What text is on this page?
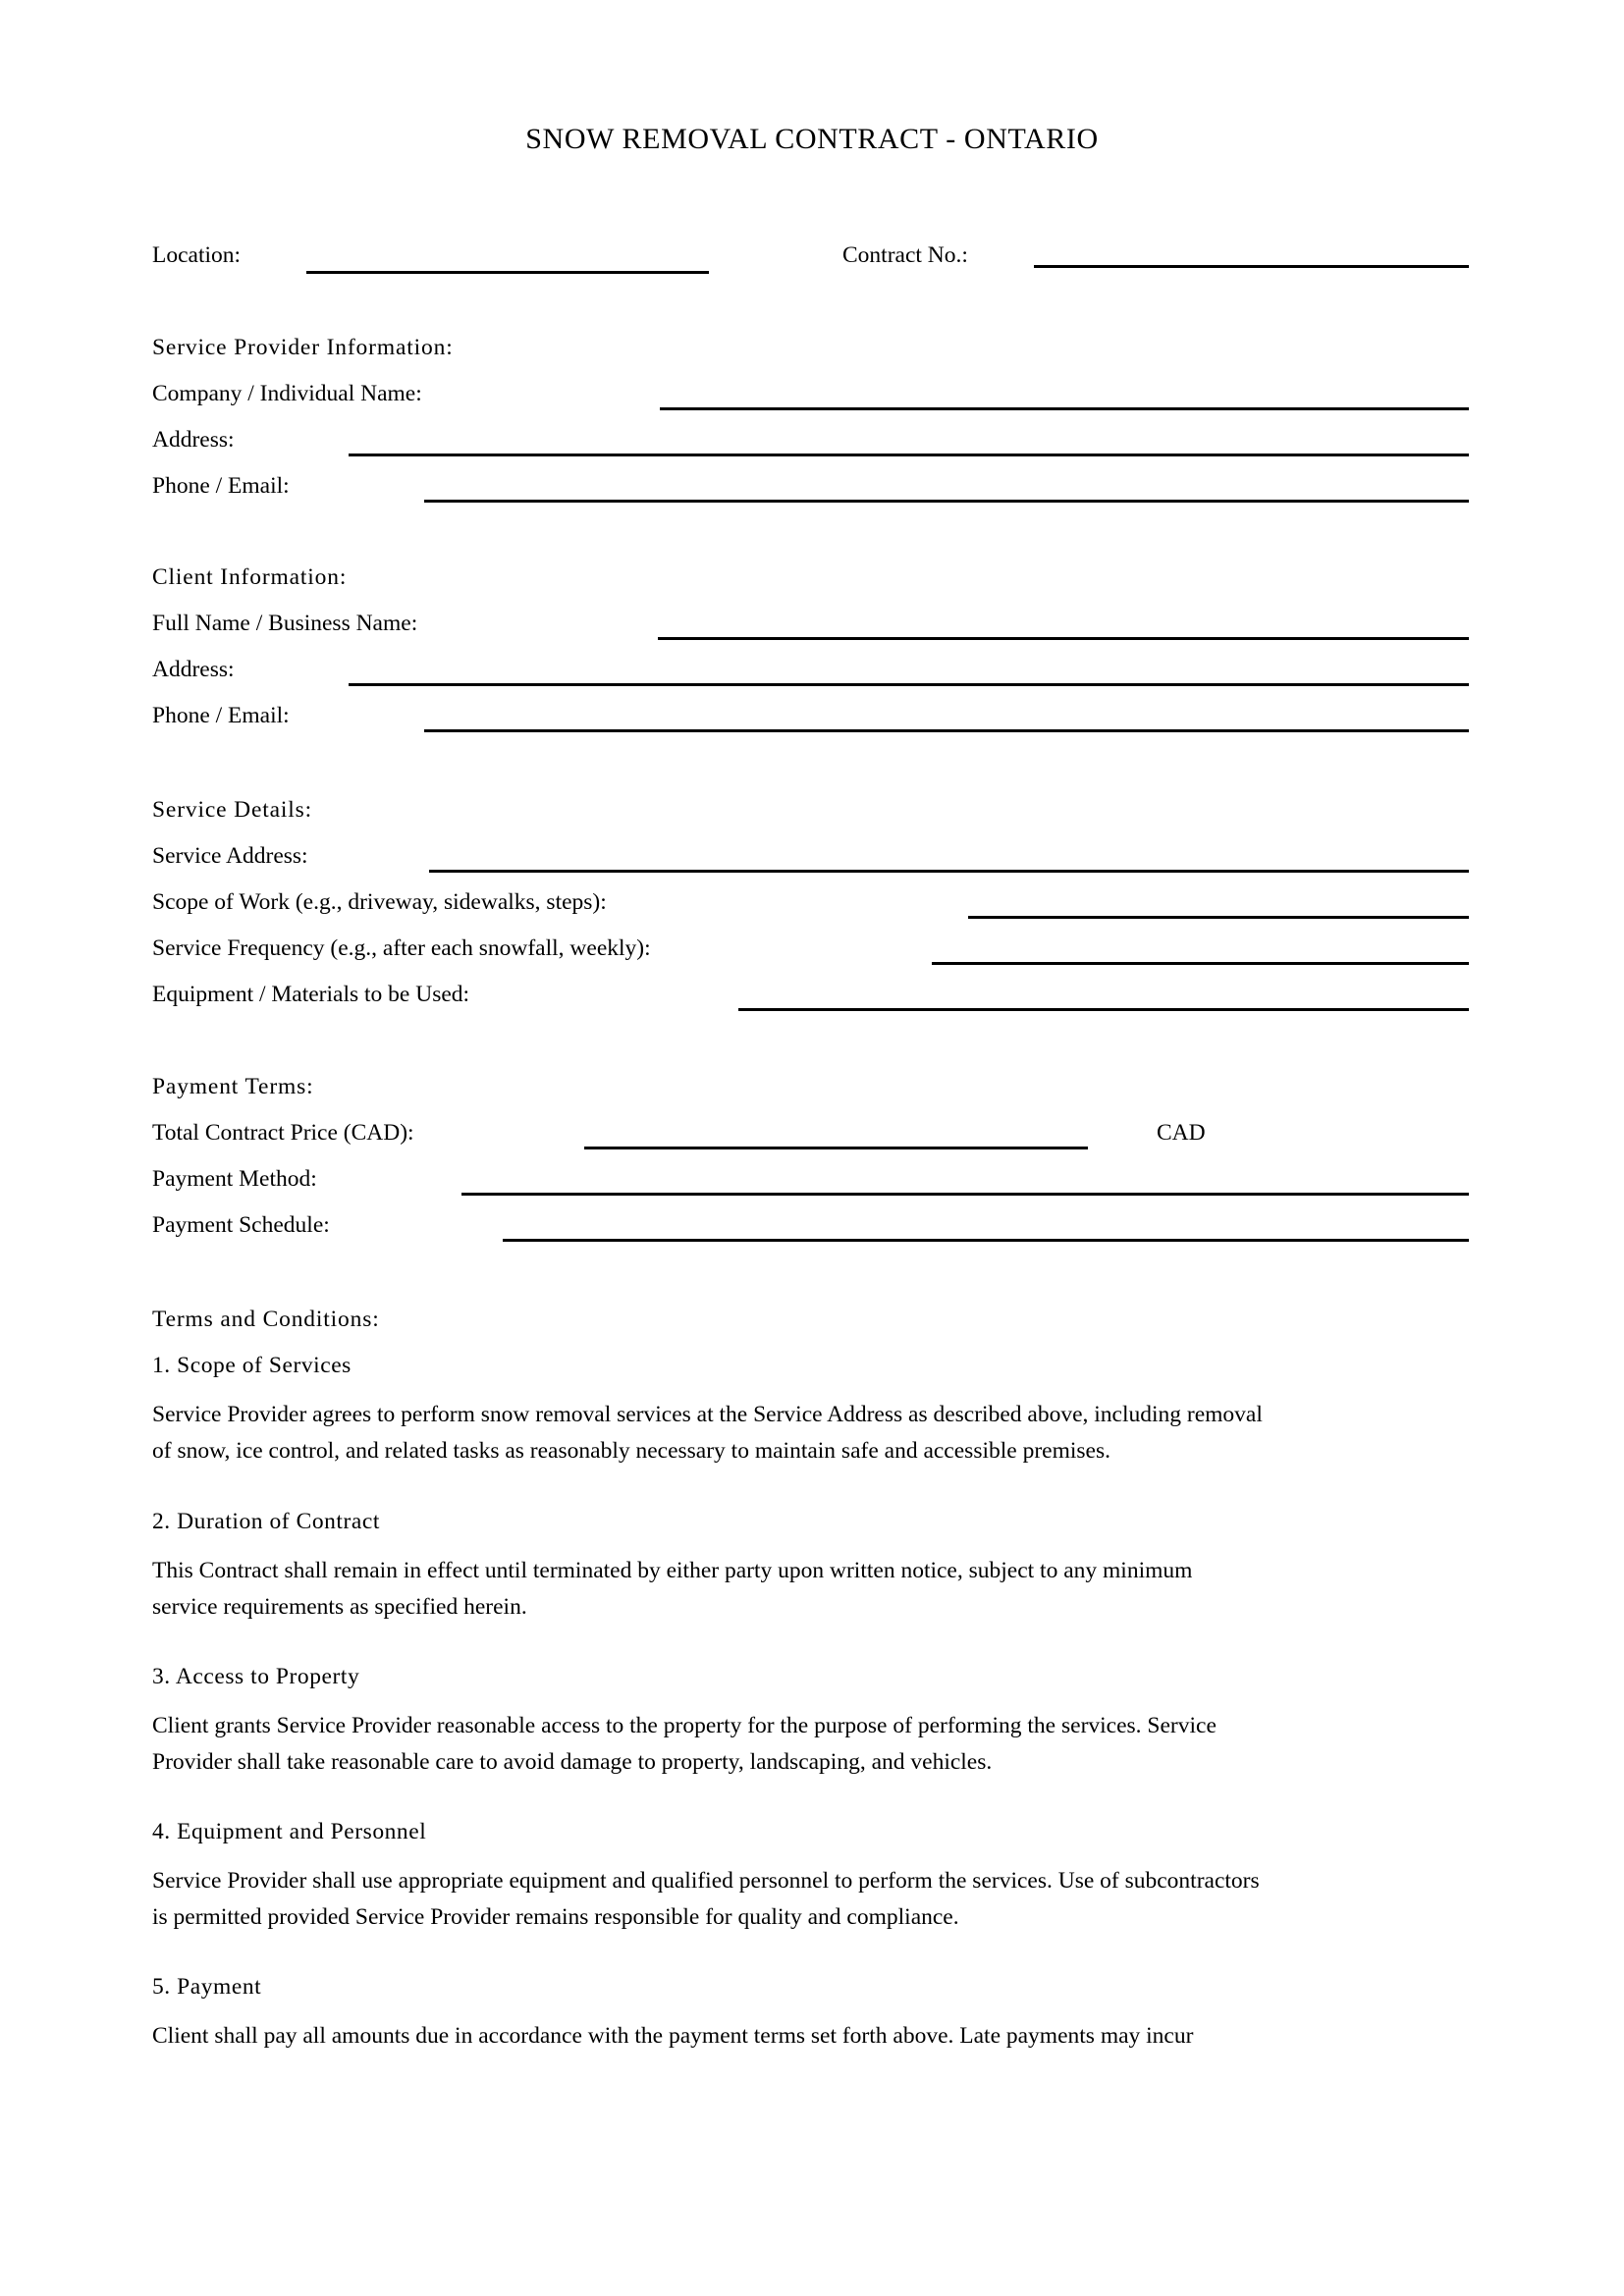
SNOW REMOVAL CONTRACT - ONTARIO
Location:	Contract No.:
Service Provider Information:
Company / Individual Name:
Address:
Phone / Email:
Client Information:
Full Name / Business Name:
Address:
Phone / Email:
Service Details:
Service Address:
Scope of Work (e.g., driveway, sidewalks, steps):
Service Frequency (e.g., after each snowfall, weekly):
Equipment / Materials to be Used:
Payment Terms:
Total Contract Price (CAD):	CAD
Payment Method:
Payment Schedule:
Terms and Conditions:
1. Scope of Services
Service Provider agrees to perform snow removal services at the Service Address as described above, including removal
of snow, ice control, and related tasks as reasonably necessary to maintain safe and accessible premises.
2. Duration of Contract
This Contract shall remain in effect until terminated by either party upon written notice, subject to any minimum
service requirements as specified herein.
3. Access to Property
Client grants Service Provider reasonable access to the property for the purpose of performing the services. Service
Provider shall take reasonable care to avoid damage to property, landscaping, and vehicles.
4. Equipment and Personnel
Service Provider shall use appropriate equipment and qualified personnel to perform the services. Use of subcontractors
is permitted provided Service Provider remains responsible for quality and compliance.
5. Payment
Client shall pay all amounts due in accordance with the payment terms set forth above. Late payments may incur
